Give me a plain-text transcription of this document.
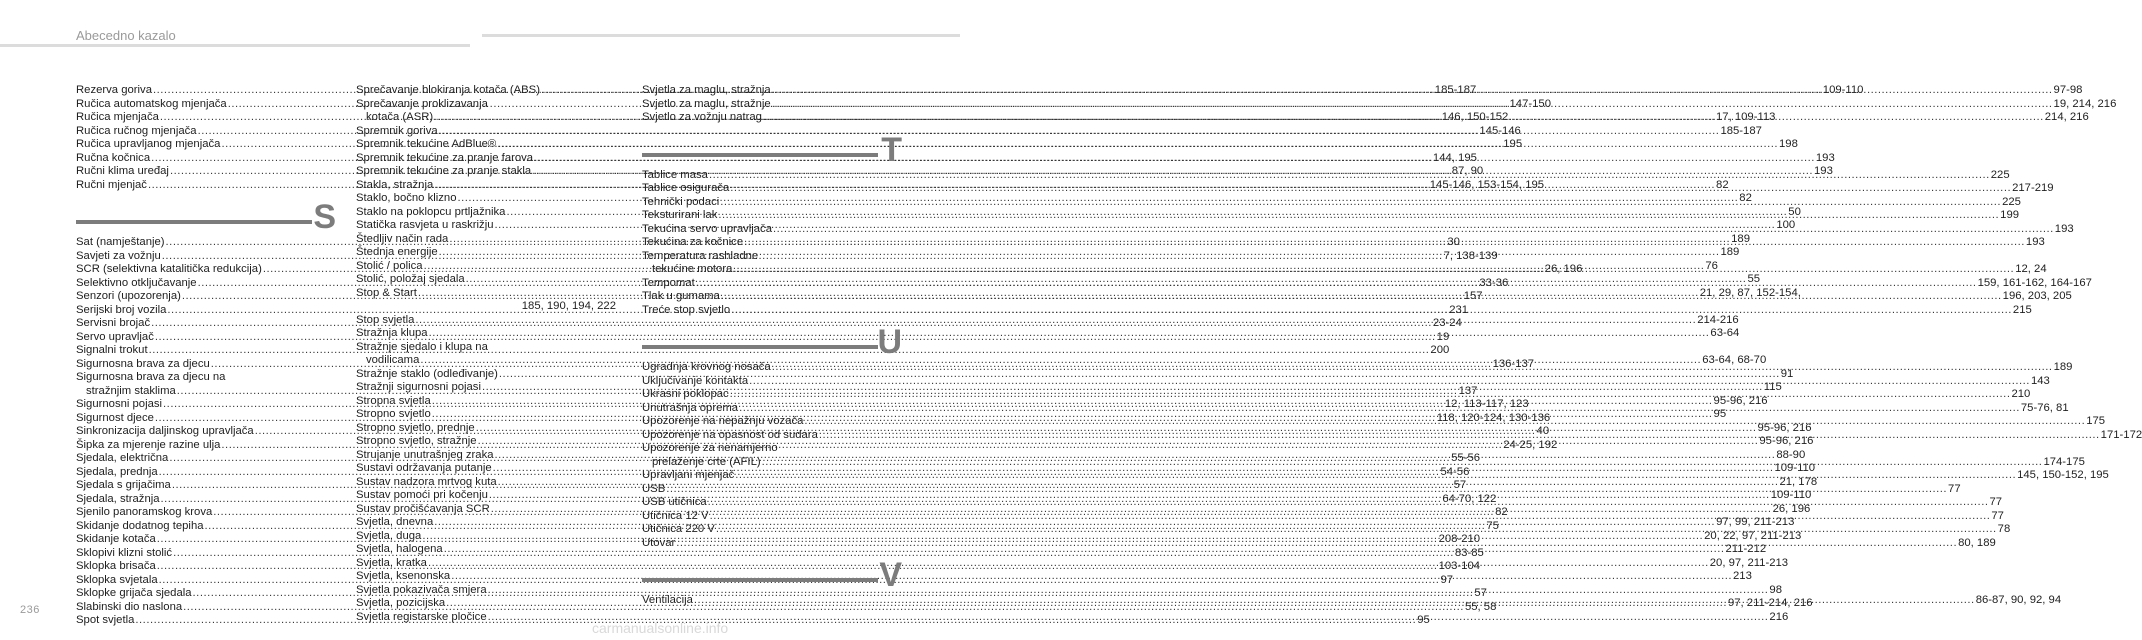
Abecedno kazalo
Rezerva goriva .....	185-187
Ručica automatskog mjenjača .....	147-150
Ručica mjenjača .....	146, 150-152
Ručica ručnog mjenjača .....	145-146
Ručica upravljanog mjenjača .....	195
Ručna kočnica .....	144, 195
Ručni klima uređaj .....	87, 90
Ručni mjenjač .....	145-146, 153-154, 195
S
Sat (namještanje) .....	30
Savjeti za vožnju .....	7, 138-139
SCR (selektivna katalitička redukcija) .....	26, 196
Selektivno otključavanje .....	33-36
Senzori (upozorenja) .....	157
Serijski broj vozila .....	231
Servisni brojač .....	23-24
Servo upravljač .....	19
Signalni trokut .....	200
Sigurnosna brava za djecu .....	136-137
Sigurnosna brava za djecu na
stražnjim staklima .....	137
Sigurnosni pojasi .....	12, 113-117, 123
Sigurnost djece .....	118, 120-124, 130-136
Sinkronizacija daljinskog upravljača .....	40
Šipka za mjerenje razine ulja .....	24-25, 192
Sjedala, električna .....	55-56
Sjedala, prednja .....	54-56
Sjedala s grijačima .....	57
Sjedala, stražnja .....	64-70, 122
Sjenilo panoramskog krova .....	82
Skidanje dodatnog tepiha .....	75
Skidanje kotača .....	208-210
Sklopivi klizni stolić .....	83-85
Sklopka brisača .....	103-104
Sklopka svjetala .....	97
Sklopke grijača sjedala .....	57
Slabinski dio naslona .....	55, 58
Spot svjetla .....	95
Sprečavanje blokiranja kotača (ABS) .....	109-110
Sprečavanje proklizavanja
kotača (ASR) .....	17, 109-113
Spremnik goriva .....	185-187
Spremnik tekućine AdBlue® .....	198
Spremnik tekućine za pranje farova .....	193
Spremnik tekućine za pranje stakla .....	193
Stakla, stražnja .....	82
Staklo, bočno klizno .....	82
Staklo na poklopcu prtljažnika .....	50
Statička rasvjeta u raskrižju .....	100
Štedljiv način rada .....	189
Štednja energije .....	189
Stolić / polica .....	76
Stolić, položaj sjedala .....	55
Stop & Start .....	21, 29, 87, 152-154,
185, 190, 194, 222
Stop svjetla .....	214-216
Stražnja klupa .....	63-64
Stražnje sjedalo i klupa na
vodilicama .....	63-64, 68-70
Stražnje staklo (odleđivanje) .....	91
Stražnji sigurnosni pojasi .....	115
Stropna svjetla .....	95-96, 216
Stropno svjetlo .....	95
Stropno svjetlo, prednje .....	95-96, 216
Stropno svjetlo, stražnje .....	95-96, 216
Strujanje unutrašnjeg zraka .....	88-90
Sustavi održavanja putanje .....	109-110
Sustav nadzora mrtvog kuta .....	21, 178
Sustav pomoći pri kočenju .....	109-110
Sustav pročišćavanja SCR .....	26, 196
Svjetla, dnevna .....	97, 99, 211-213
Svjetla, duga .....	20, 22, 97, 211-213
Svjetla, halogena .....	211-212
Svjetla, kratka .....	20, 97, 211-213
Svjetla, ksenonska .....	213
Svjetla pokazivača smjera .....	98
Svjetla, pozicijska .....	97, 211-214, 216
Svjetla registarske pločice .....	216
Svjetla za maglu, stražnja .....	97-98
Svjetlo za maglu, stražnje .....	19, 214, 216
Svjetlo za vožnju natrag .....	214, 216
T
Tablice masa .....	225
Tablice osigurača .....	217-219
Tehnički podaci .....	225
Teksturirani lak .....	199
Tekućina servo upravljača .....	193
Tekućina za kočnice .....	193
Temperatura rashladne
tekućine motora .....	12, 24
Tempomat .....	159, 161-162, 164-167
Tlak u gumama .....	196, 203, 205
Treće stop svjetlo .....	215
U
Ugradnja krovnog nosača .....	189
Uključivanje kontakta .....	143
Ukrasni poklopac .....	210
Unutrašnja oprema .....	75-76, 81
Upozorenje na nepažnju vozača .....	175
Upozorenje na opasnost od sudara .....	171-172
Upozorenje za nenamjerno
prelaženje crte (AFIL) .....	174-175
Upravljani mjenjač .....	145, 150-152, 195
USB .....	77
USB utičnica .....	77
Utičnica 12 V .....	77
Utičnica 220 V .....	78
Utovar .....	80, 189
V
Ventilacija .....	86-87, 90, 92, 94
236
carmanualsonline.info
